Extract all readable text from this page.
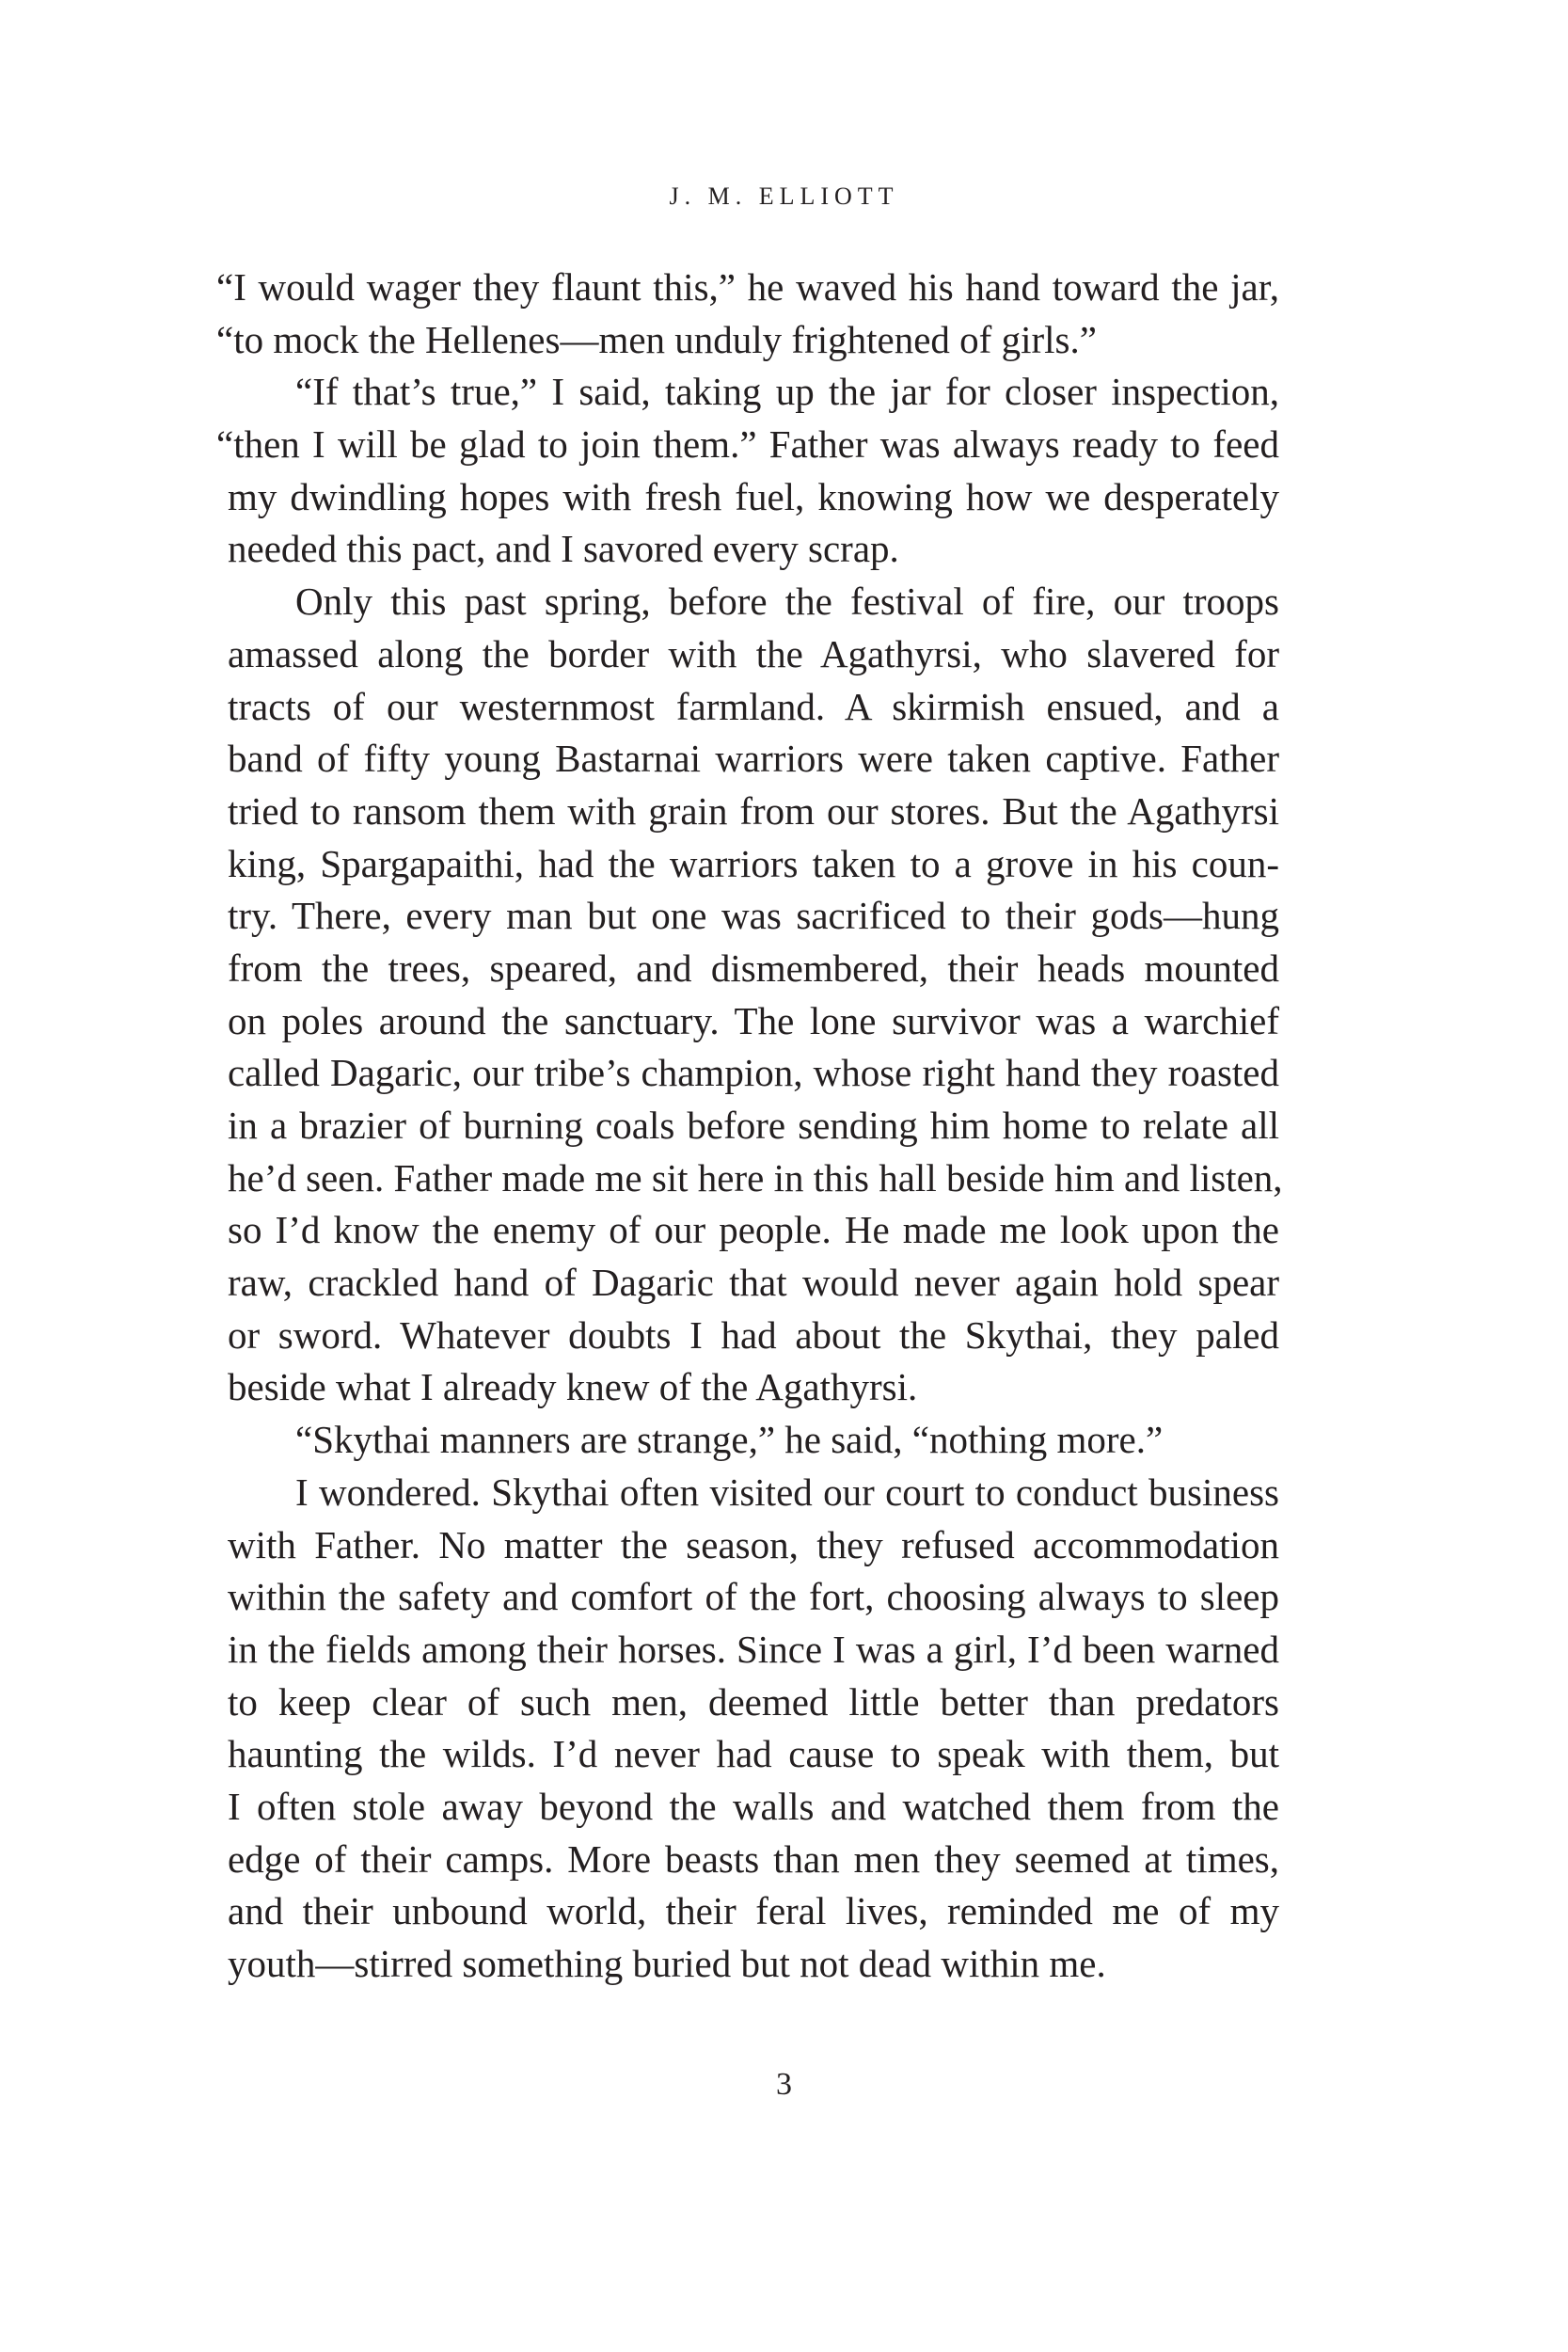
J. M. ELLIOTT
“I would wager they flaunt this,” he waved his hand toward the jar,
“to mock the Hellenes—men unduly frightened of girls.”
“If that’s true,” I said, taking up the jar for closer inspection,
“then I will be glad to join them.” Father was always ready to feed
my dwindling hopes with fresh fuel, knowing how we desperately
needed this pact, and I savored every scrap.
Only this past spring, before the festival of fire, our troops
amassed along the border with the Agathyrsi, who slavered for
tracts of our westernmost farmland. A skirmish ensued, and a
band of fifty young Bastarnai warriors were taken captive. Father
tried to ransom them with grain from our stores. But the Agathyrsi
king, Spargapaithi, had the warriors taken to a grove in his coun-
try. There, every man but one was sacrificed to their gods—hung
from the trees, speared, and dismembered, their heads mounted
on poles around the sanctuary. The lone survivor was a warchief
called Dagaric, our tribe’s champion, whose right hand they roasted
in a brazier of burning coals before sending him home to relate all
he’d seen. Father made me sit here in this hall beside him and listen,
so I’d know the enemy of our people. He made me look upon the
raw, crackled hand of Dagaric that would never again hold spear
or sword. Whatever doubts I had about the Skythai, they paled
beside what I already knew of the Agathyrsi.
“Skythai manners are strange,” he said, “nothing more.”
I wondered. Skythai often visited our court to conduct business
with Father. No matter the season, they refused accommodation
within the safety and comfort of the fort, choosing always to sleep
in the fields among their horses. Since I was a girl, I’d been warned
to keep clear of such men, deemed little better than predators
haunting the wilds. I’d never had cause to speak with them, but
I often stole away beyond the walls and watched them from the
edge of their camps. More beasts than men they seemed at times,
and their unbound world, their feral lives, reminded me of my
youth—stirred something buried but not dead within me.
3
